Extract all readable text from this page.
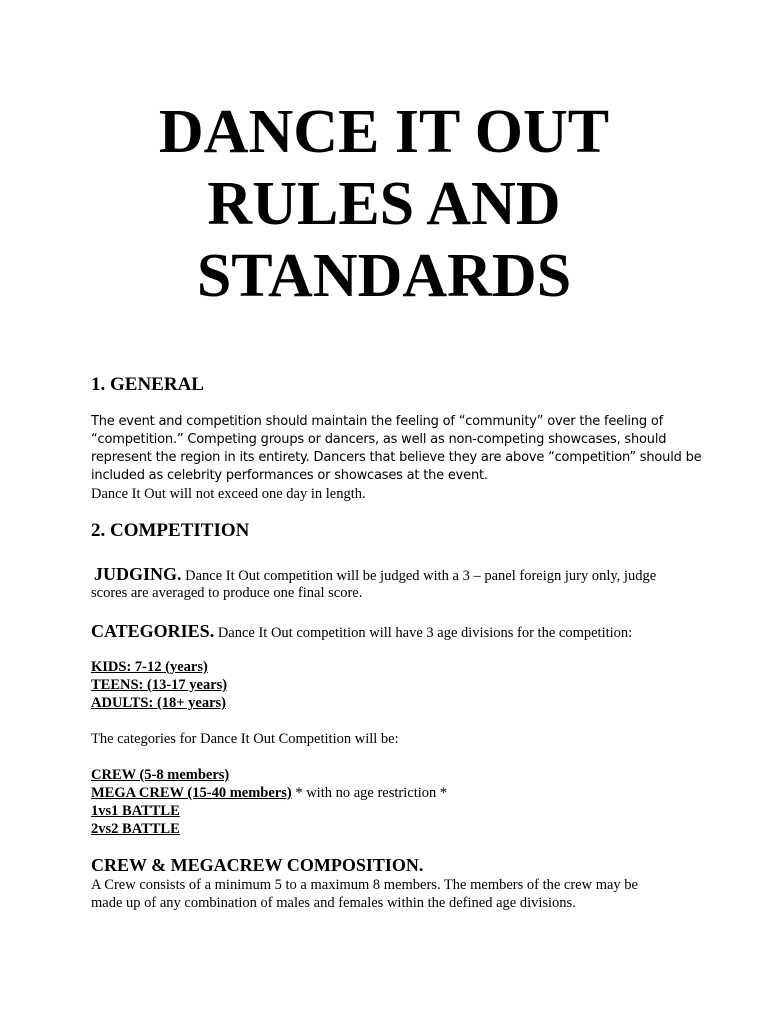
DANCE IT OUT
RULES AND
STANDARDS
1. GENERAL
The event and competition should maintain the feeling of “community” over the feeling of
“competition.” Competing groups or dancers, as well as non-competing showcases, should
represent the region in its entirety. Dancers that believe they are above “competition” should be
included as celebrity performances or showcases at the event.
Dance It Out will not exceed one day in length.
2. COMPETITION
JUDGING. Dance It Out competition will be judged with a 3 – panel foreign jury only, judge
scores are averaged to produce one final score.
CATEGORIES. Dance It Out competition will have 3 age divisions for the competition:
KIDS: 7-12 (years)
TEENS: (13-17 years)
ADULTS: (18+ years)
The categories for Dance It Out Competition will be:
CREW (5-8 members)
MEGA CREW (15-40 members) * with no age restriction *
1vs1 BATTLE
2vs2 BATTLE
CREW & MEGACREW COMPOSITION.
A Crew consists of a minimum 5 to a maximum 8 members. The members of the crew may be
made up of any combination of males and females within the defined age divisions.
